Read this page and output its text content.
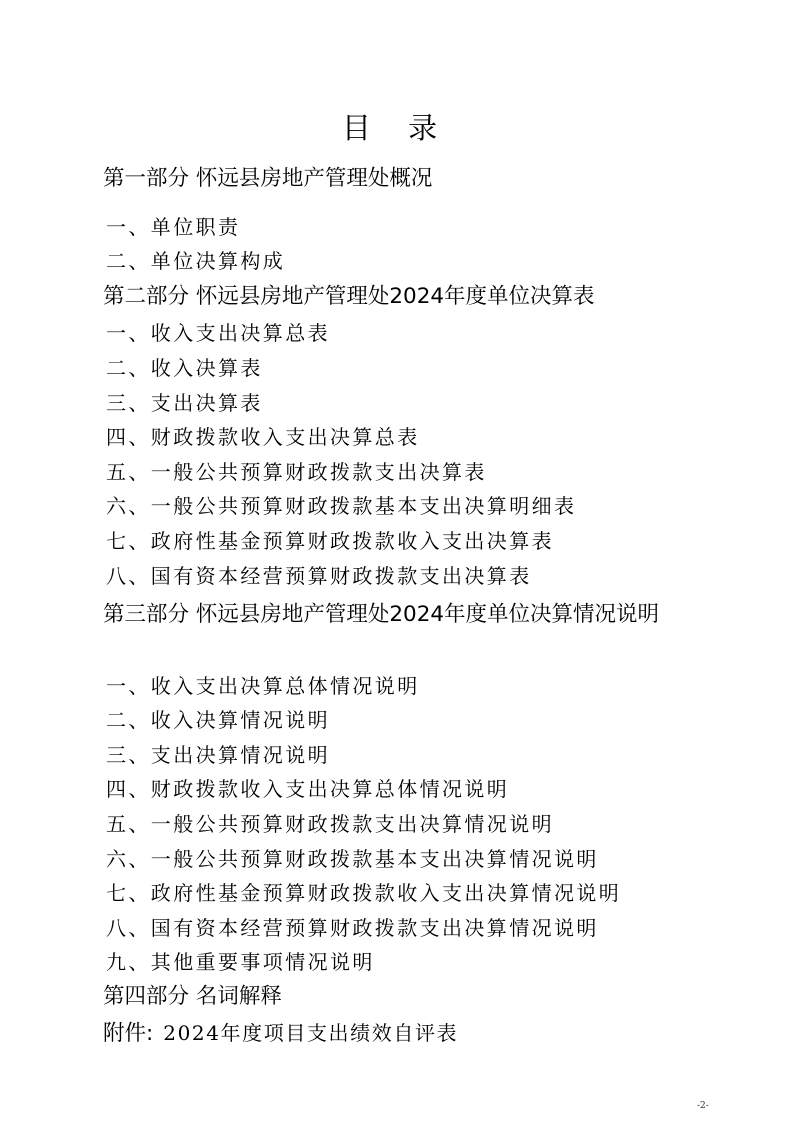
目 录
第一部分 怀远县房地产管理处概况
一、单位职责
二、单位决算构成
第二部分 怀远县房地产管理处2024年度单位决算表
一、收入支出决算总表
二、收入决算表
三、支出决算表
四、财政拨款收入支出决算总表
五、一般公共预算财政拨款支出决算表
六、一般公共预算财政拨款基本支出决算明细表
七、政府性基金预算财政拨款收入支出决算表
八、国有资本经营预算财政拨款支出决算表
第三部分 怀远县房地产管理处2024年度单位决算情况说明
一、收入支出决算总体情况说明
二、收入决算情况说明
三、支出决算情况说明
四、财政拨款收入支出决算总体情况说明
五、一般公共预算财政拨款支出决算情况说明
六、一般公共预算财政拨款基本支出决算情况说明
七、政府性基金预算财政拨款收入支出决算情况说明
八、国有资本经营预算财政拨款支出决算情况说明
九、其他重要事项情况说明
第四部分 名词解释
附件: 2024年度项目支出绩效自评表
-2-
